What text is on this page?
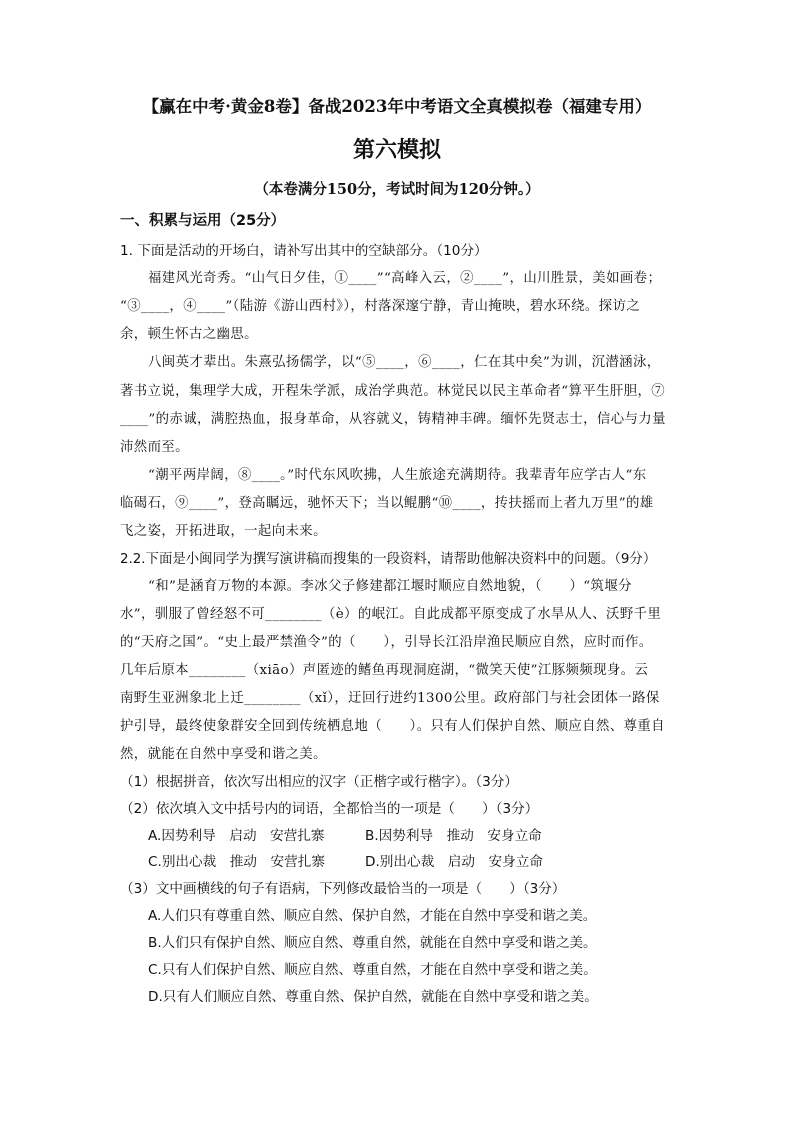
【赢在中考·黄金8卷】备战2023年中考语文全真模拟卷（福建专用）
第六模拟
（本卷满分150分，考试时间为120分钟。）
一、积累与运用（25分）
1. 下面是活动的开场白，请补写出其中的空缺部分。（10分）
福建风光奇秀。“山气日夕佳，①____”“高峰入云，②____”，山川胜景，美如画卷；
“③____，④____”（陆游《游山西村》），村落深邃宁静，青山掩映，碧水环绕。探访之
余，顿生怀古之幽思。
八闽英才辈出。朱熹弘扬儒学，以“⑤____，⑥____，仁在其中矣”为训，沉潜涵泳，
著书立说，集理学大成，开程朱学派，成治学典范。林觉民以民主革命者“算平生肝胆，⑦
____”的赤诚，满腔热血，报身革命，从容就义，铸精神丰碑。缅怀先贤志士，信心与力量
沛然而至。
“潮平两岸阔，⑧____。”时代东风吹拂，人生旅途充满期待。我辈青年应学古人“东
临碣石，⑨____”，登高瞩远，驰怀天下；当以鲲鹏“⑩____，抟扶摇而上者九万里”的雄
飞之姿，开拓进取，一起向未来。
2.2.下面是小闽同学为撰写演讲稿而搜集的一段资料，请帮助他解决资料中的问题。（9分）
“和”是涵育万物的本源。李冰父子修建都江堰时顺应自然地貌，（　　）“筑堰分
水”，驯服了曾经怒不可________（è）的岷江。自此成都平原变成了水旱从人、沃野千里
的“天府之国”。“史上最严禁渔令”的（　　），引导长江沿岸渔民顺应自然，应时而作。
几年后原本________（xiāo）声匿迹的鳍鱼再现洞庭湖，“微笑天使”江豚频频现身。云
南野生亚洲象北上迁________（xǐ），迂回行进约1300公里。政府部门与社会团体一路保
护引导，最终使象群安全回到传统栖息地（　　）。只有人们保护自然、顺应自然、尊重自
然，就能在自然中享受和谐之美。
（1）根据拼音，依次写出相应的汉字（正楷字或行楷字）。（3分）
（2）依次填入文中括号内的词语，全都恰当的一项是（　　）（3分）
A.因势利导　启动　安营扎寨	B.因势利导　推动　安身立命
C.别出心裁　推动　安营扎寨	D.别出心裁　启动　安身立命
（3）文中画横线的句子有语病，下列修改最恰当的一项是（　　）（3分）
A.人们只有尊重自然、顺应自然、保护自然，才能在自然中享受和谐之美。
B.人们只有保护自然、顺应自然、尊重自然，就能在自然中享受和谐之美。
C.只有人们保护自然、顺应自然、尊重自然，才能在自然中享受和谐之美。
D.只有人们顺应自然、尊重自然、保护自然，就能在自然中享受和谐之美。
